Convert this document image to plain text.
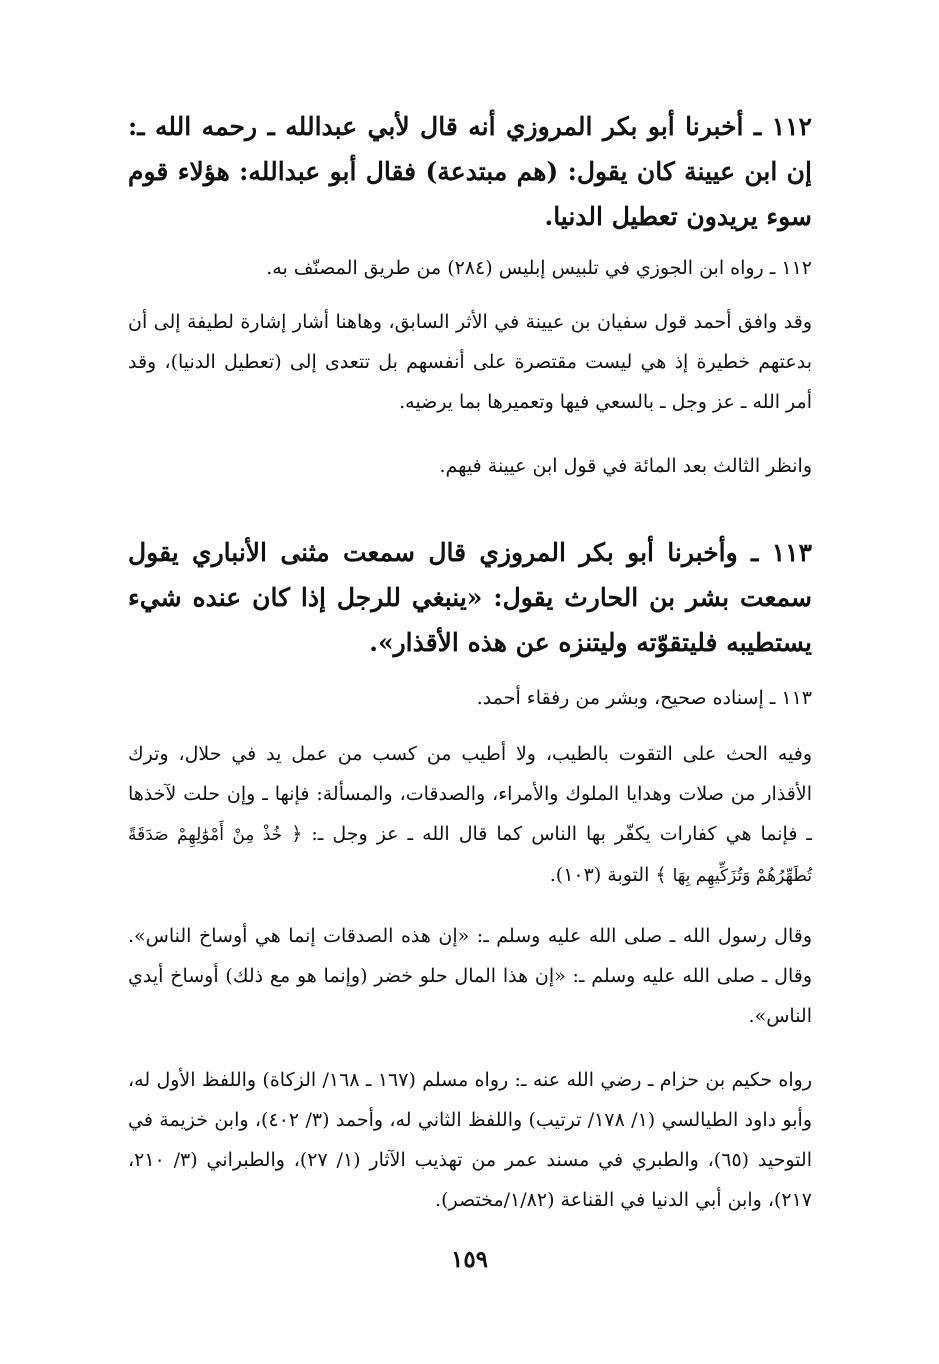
١١٢ ـ أخبرنا أبو بكر المروزي أنه قال لأبي عبدالله ـ رحمه الله ـ: إن ابن عيينة كان يقول: (هم مبتدعة) فقال أبو عبدالله: هؤلاء قوم سوء يريدون تعطيل الدنيا.
١١٢ ـ رواه ابن الجوزي في تلبيس إبليس (٢٨٤) من طريق المصنّف به.
وقد وافق أحمد قول سفيان بن عيينة في الأثر السابق، وهاهنا أشار إشارة لطيفة إلى أن بدعتهم خطيرة إذ هي ليست مقتصرة على أنفسهم بل تتعدى إلى (تعطيل الدنيا)، وقد أمر الله ـ عز وجل ـ بالسعي فيها وتعميرها بما يرضيه.
وانظر الثالث بعد المائة في قول ابن عيينة فيهم.
١١٣ ـ وأخبرنا أبو بكر المروزي قال سمعت مثنى الأنباري يقول سمعت بشر بن الحارث يقول: «ينبغي للرجل إذا كان عنده شيء يستطيبه فليتقوّته وليتنزه عن هذه الأقذار».
١١٣ ـ إسناده صحيح، وبشر من رفقاء أحمد.
وفيه الحث على التقوت بالطيب، ولا أطيب من كسب من عمل يد في حلال، وترك الأقذار من صلات وهدايا الملوك والأمراء، والصدقات، والمسألة: فإنها ـ وإن حلت لآخذها ـ فإنما هي كفارات يكفّر بها الناس كما قال الله ـ عز وجل ـ: ﴿ خُذْ مِنْ أَمْوَٰلِهِمْ صَدَقَةً تُطَهِّرُهُمْ وَتُزَكِّيهِم بِهَا ﴾ التوبة (١٠٣).
وقال رسول الله ـ صلى الله عليه وسلم ـ: «إن هذه الصدقات إنما هي أوساخ الناس». وقال ـ صلى الله عليه وسلم ـ: «إن هذا المال حلو خضر (وإنما هو مع ذلك) أوساخ أيدي الناس».
رواه حكيم بن حزام ـ رضي الله عنه ـ: رواه مسلم (١٦٧ ـ ١٦٨/ الزكاة) واللفظ الأول له، وأبو داود الطيالسي (١/ ١٧٨/ ترتيب) واللفظ الثاني له، وأحمد (٣/ ٤٠٢)، وابن خزيمة في التوحيد (٦٥)، والطبري في مسند عمر من تهذيب الآثار (١/ ٢٧)، والطبراني (٣/ ٢١٠، ٢١٧)، وابن أبي الدنيا في القناعة (١/٨٢/مختصر).
١٥٩
